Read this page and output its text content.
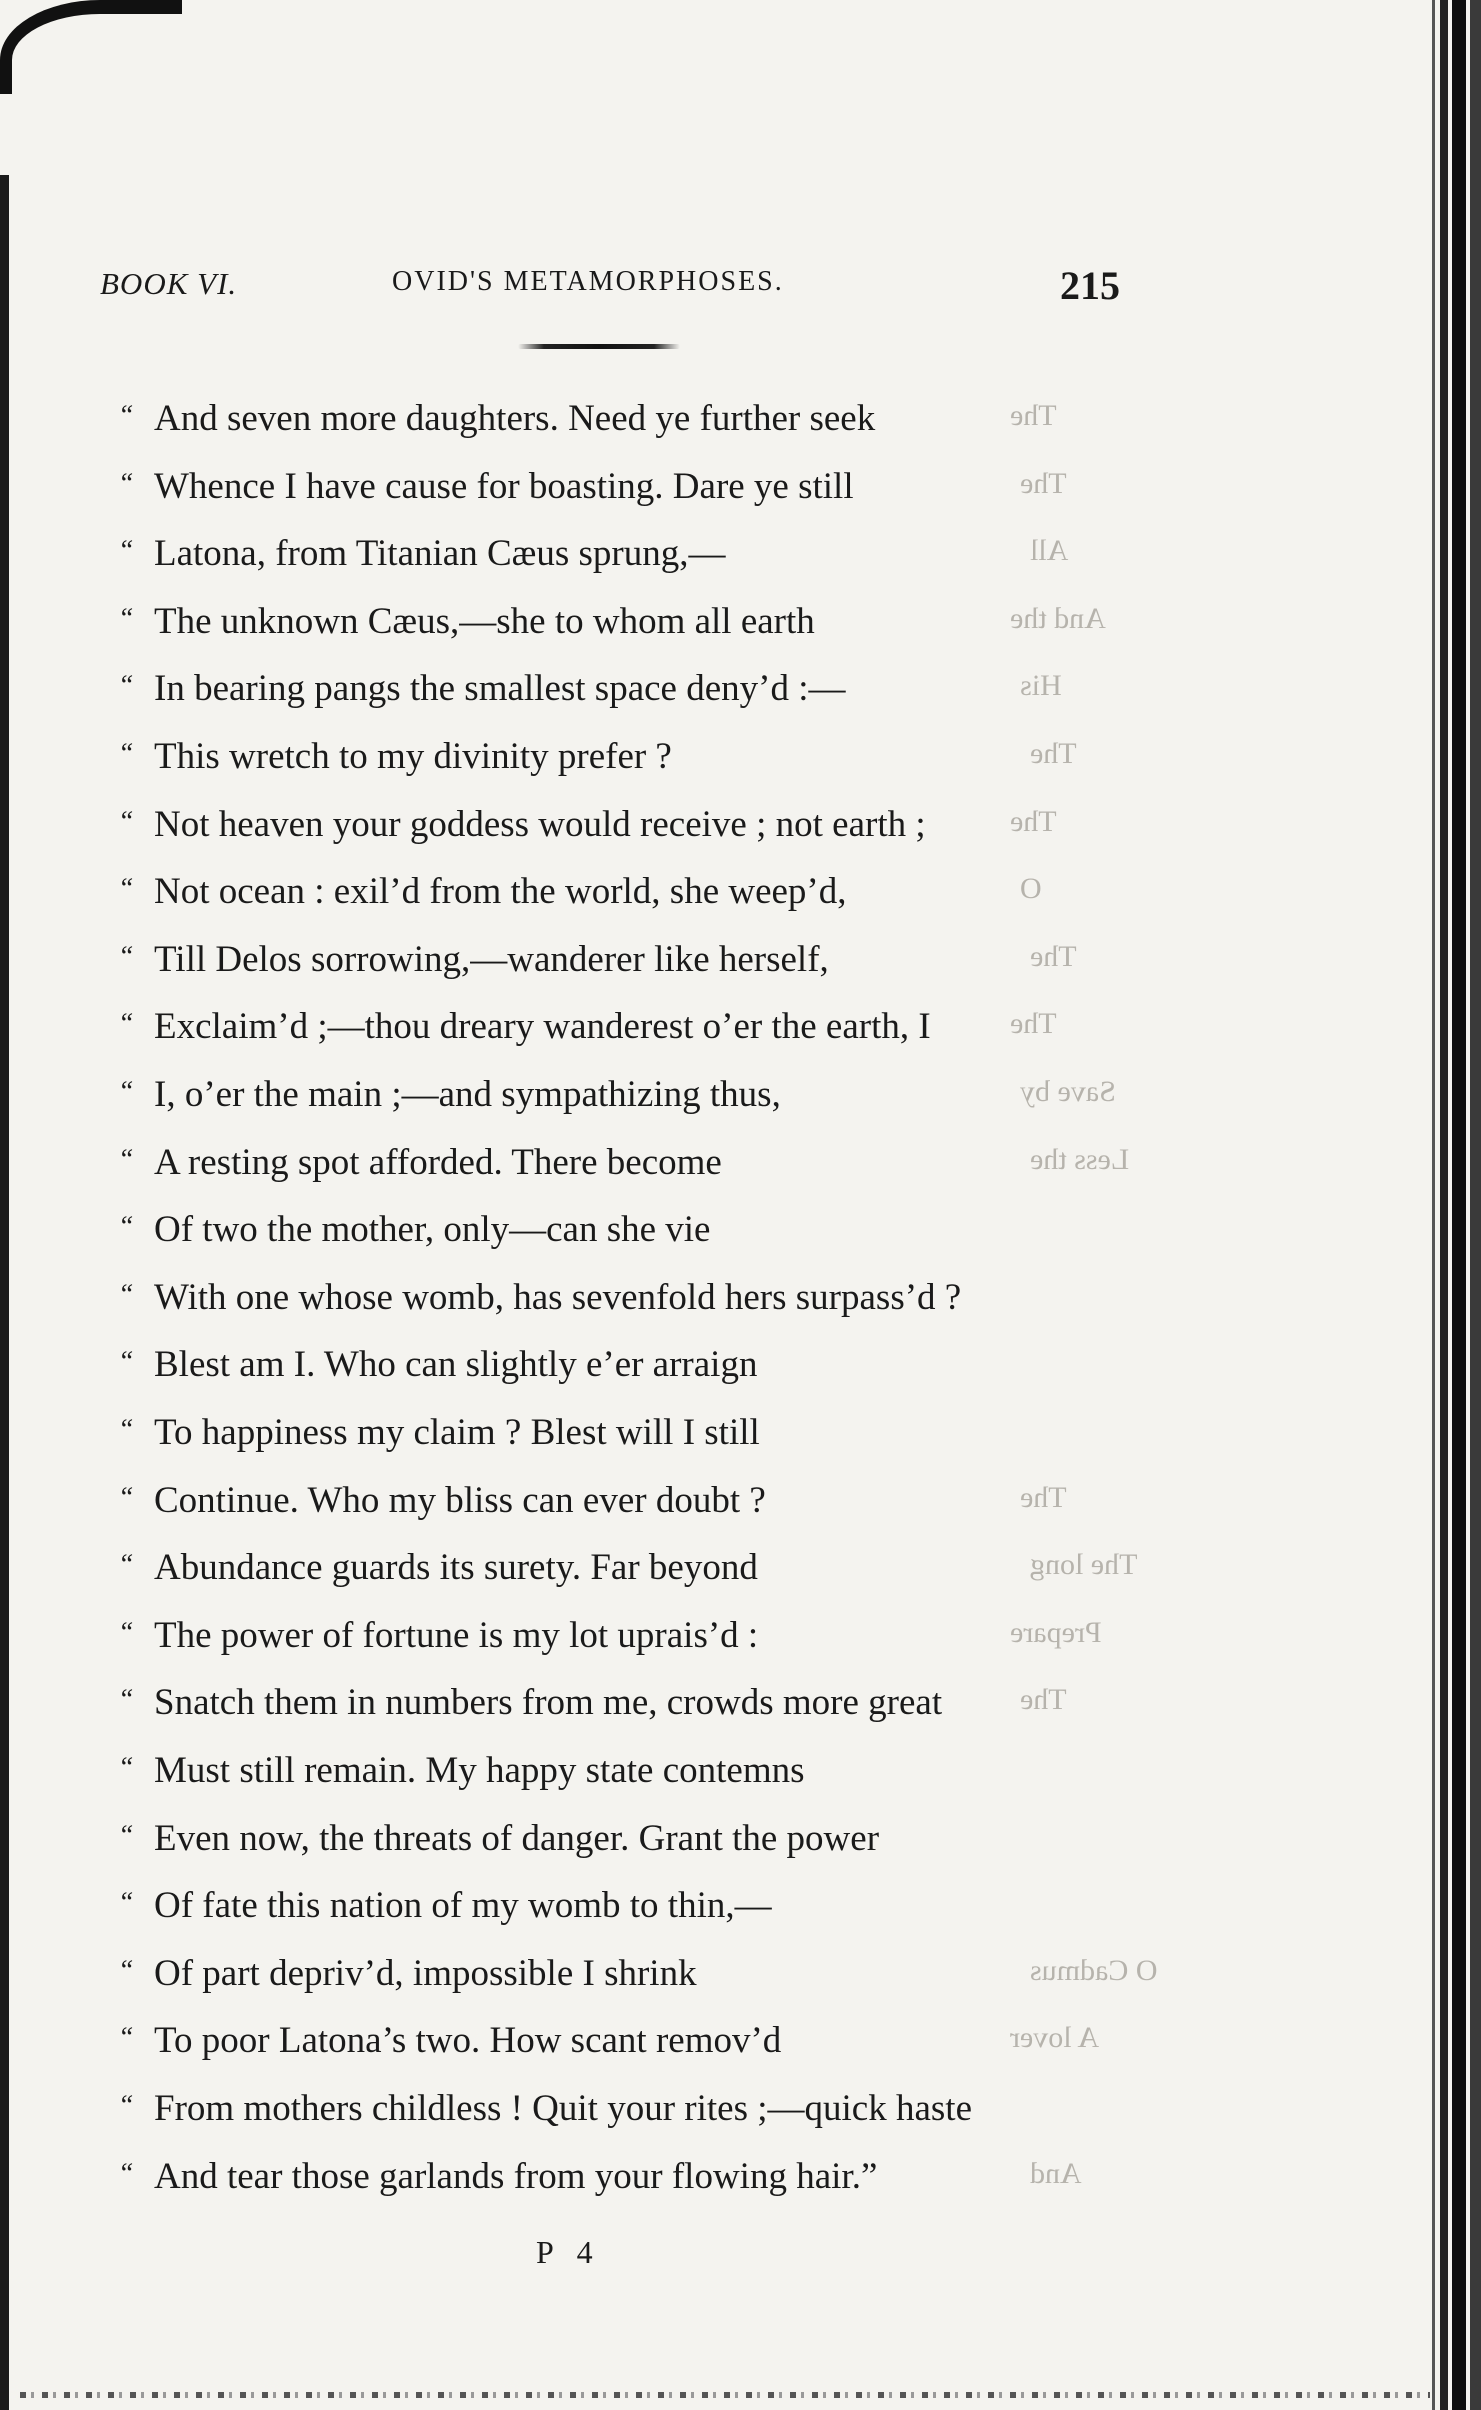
BOOK VI.	OVID'S METAMORPHOSES.	215
“ And seven more daughters. Need ye further seek	The
“ Whence I have cause for boasting. Dare ye still	The
“ Latona, from Titanian Cæus sprung,—	All
“ The unknown Cæus,—she to whom all earth	And the
“ In bearing pangs the smallest space deny’d :—	His
“ This wretch to my divinity prefer ?	The
“ Not heaven your goddess would receive ; not earth ;	The
“ Not ocean : exil’d from the world, she weep’d,	O
“ Till Delos sorrowing,—wanderer like herself,	The
“ Exclaim’d ;—thou dreary wanderest o’er the earth, I	The
“ I, o’er the main ;—and sympathizing thus,	Save by
“ A resting spot afforded. There become	Less the
“ Of two the mother, only—can she vie
“ With one whose womb, has sevenfold hers surpass’d ?
“ Blest am I. Who can slightly e’er arraign
“ To happiness my claim ? Blest will I still
“ Continue. Who my bliss can ever doubt ?	The
“ Abundance guards its surety. Far beyond	The long
“ The power of fortune is my lot uprais’d :	Prepare
“ Snatch them in numbers from me, crowds more great	The
“ Must still remain. My happy state contemns
“ Even now, the threats of danger. Grant the power
“ Of fate this nation of my womb to thin,—
“ Of part depriv’d, impossible I shrink	O Cadmus
“ To poor Latona’s two. How scant remov’d	A lover
“ From mothers childless ! Quit your rites ;—quick haste
“ And tear those garlands from your flowing hair.”	And
P 4
